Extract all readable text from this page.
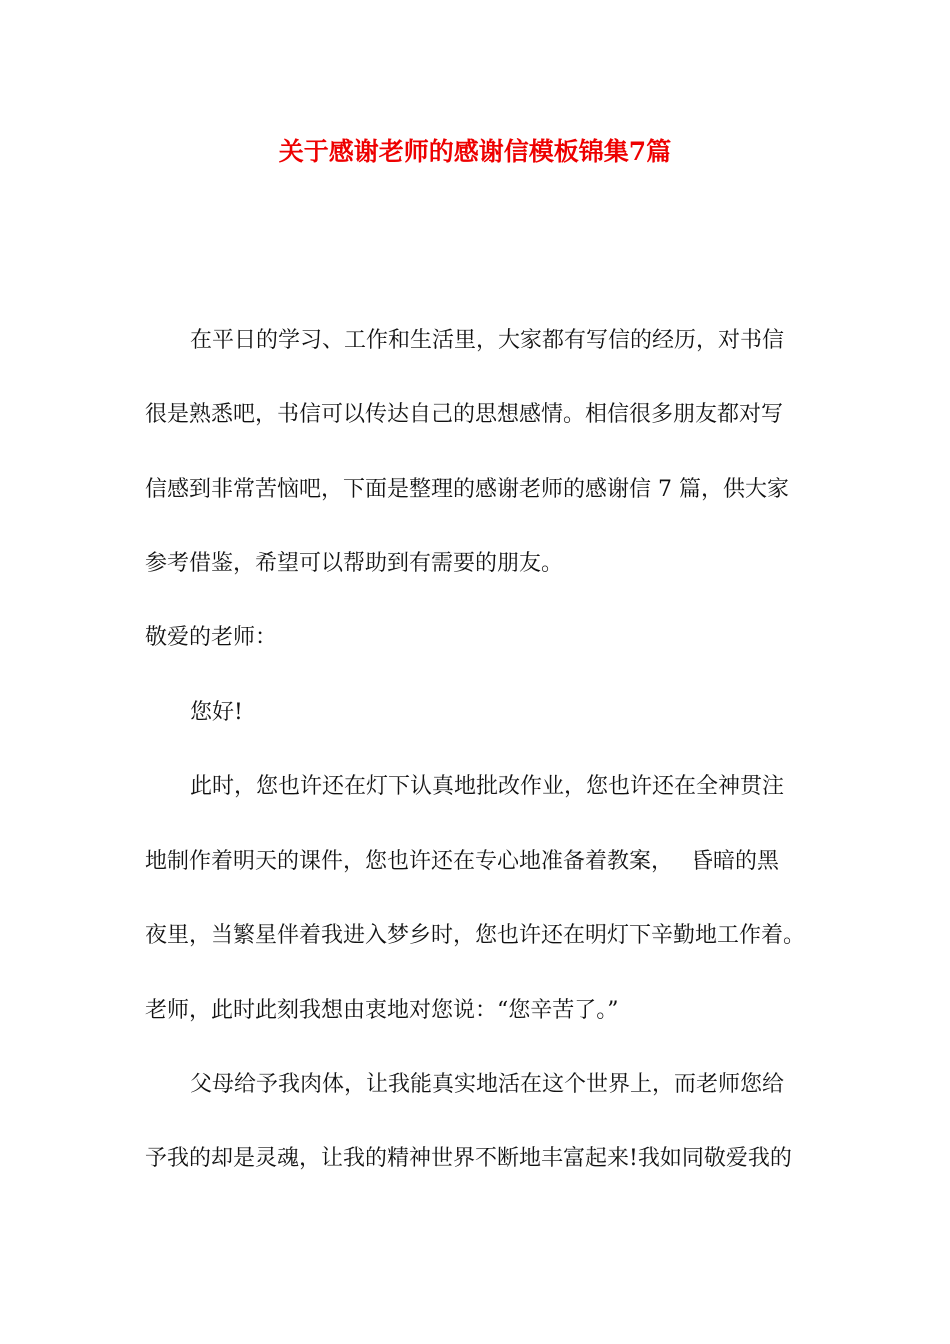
关于感谢老师的感谢信模板锦集7篇
在平日的学习、工作和生活里，大家都有写信的经历，对书信
很是熟悉吧，书信可以传达自己的思想感情。相信很多朋友都对写
信感到非常苦恼吧，下面是整理的感谢老师的感谢信 7 篇，供大家
参考借鉴，希望可以帮助到有需要的朋友。
敬爱的老师：
您好!
此时，您也许还在灯下认真地批改作业，您也许还在全神贯注
地制作着明天的课件，您也许还在专心地准备着教案，　 昏暗的黑
夜里，当繁星伴着我进入梦乡时，您也许还在明灯下辛勤地工作着。
老师，此时此刻我想由衷地对您说：“您辛苦了。”
父母给予我肉体，让我能真实地活在这个世界上，而老师您给
予我的却是灵魂，让我的精神世界不断地丰富起来!我如同敬爱我的
